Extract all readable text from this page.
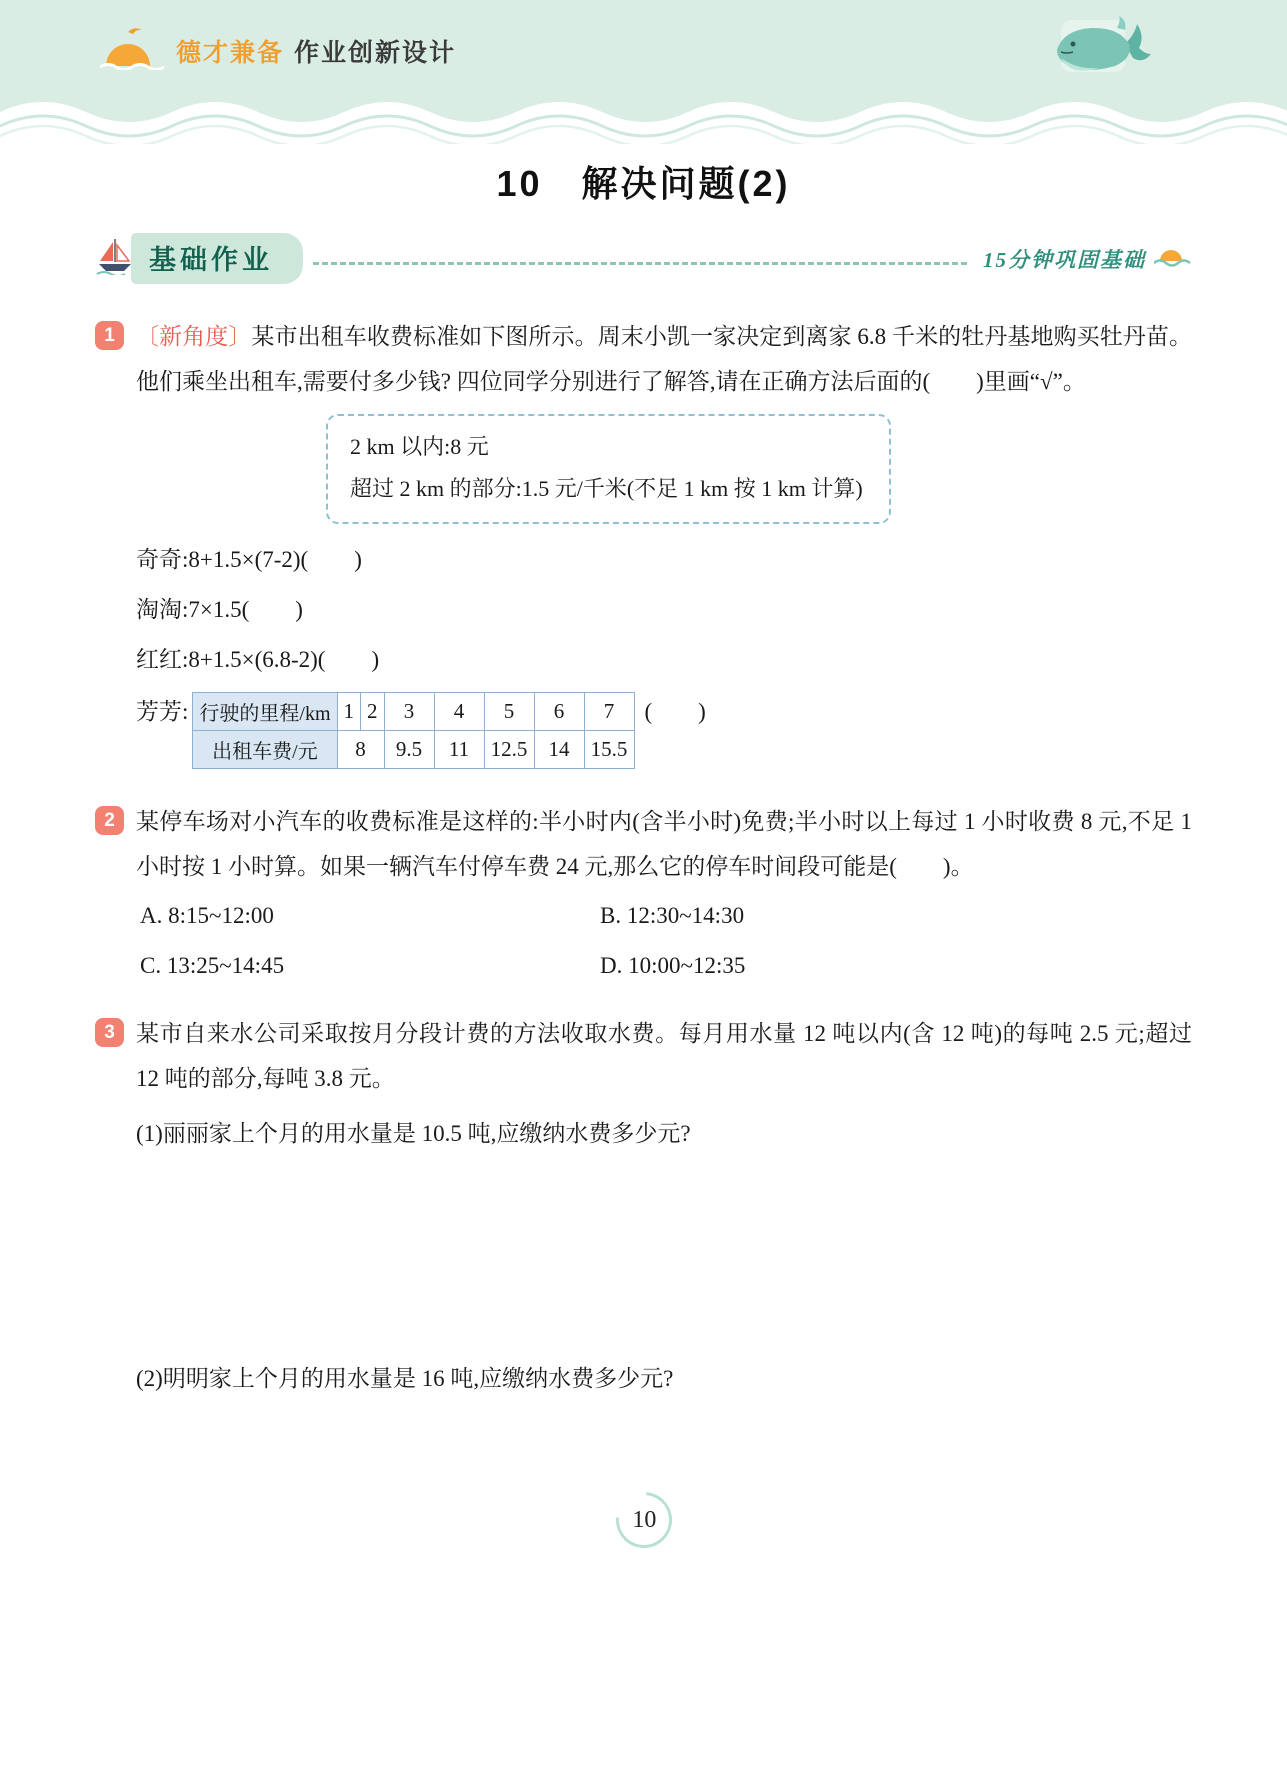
德才兼备 作业创新设计
10　解决问题(2)
基础作业	15分钟巩固基础
1 〔新角度〕某市出租车收费标准如下图所示。周末小凯一家决定到离家 6.8 千米的牡丹基地购买牡丹苗。他们乘坐出租车,需要付多少钱? 四位同学分别进行了解答,请在正确方法后面的(　　)里画“√”。

2 km 以内:8 元

超过 2 km 的部分:1.5 元/千米(不足 1 km 按 1 km 计算)

奇奇:8+1.5×(7-2)(　　)

淘淘:7×1.5(　　)

红红:8+1.5×(6.8-2)(　　)

芳芳: 行驶的里程/km	1	2	3	4	5	6	7
出租车费/元	8		9.5	11	12.5	14	15.5
(　　)
2 某停车场对小汽车的收费标准是这样的:半小时内(含半小时)免费;半小时以上每过 1 小时收费 8 元,不足 1 小时按 1 小时算。如果一辆汽车付停车费 24 元,那么它的停车时间段可能是(　　)。

A. 8:15~12:00	B. 12:30~14:30
C. 13:25~14:45	D. 10:00~12:35
3 某市自来水公司采取按月分段计费的方法收取水费。每月用水量 12 吨以内(含 12 吨)的每吨 2.5 元;超过 12 吨的部分,每吨 3.8 元。

(1)丽丽家上个月的用水量是 10.5 吨,应缴纳水费多少元?

(2)明明家上个月的用水量是 16 吨,应缴纳水费多少元?

10
